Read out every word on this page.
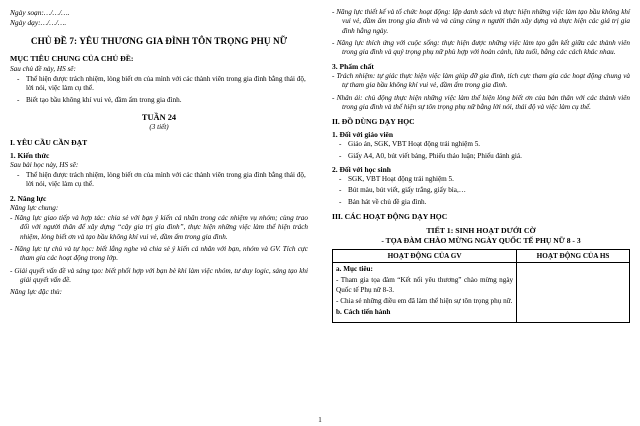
Ngày soạn:…/…/….

Ngày dạy:…/…/….

CHỦ ĐỀ 7: YÊU THƯƠNG GIA ĐÌNH TÔN TRỌNG PHỤ NỮ

MỤC TIÊU CHUNG CỦA CHỦ ĐỀ:

Sau chủ đề này, HS sẽ:

- Thể hiện được trách nhiệm, lòng biết ơn của mình với các thành viên trong gia đình bằng thái độ, lời nói, việc làm cụ thể.
- Biết tạo bầu không khí vui vẻ, đầm ấm trong gia đình.

TUẦN 24

(3 tiết)

I. YÊU CẦU CẦN ĐẠT

1. Kiến thức

Sau bài học này, HS sẽ:

- Thể hiện được trách nhiệm, lòng biết ơn của mình với các thành viên trong gia đình bằng thái độ, lời nói, việc làm cụ thể.

2. Năng lực

Năng lực chung:

- Năng lực giao tiếp và hợp tác: chia sẻ với bạn ý kiến cá nhân trong các nhiệm vụ nhóm; cùng trao đổi với người thân để xây dựng “cây gia trị gia đình”, thực hiện những việc làm thể hiện trách nhiệm, lòng biết ơn và tạo bầu không khí vui vẻ, đầm ấm trong gia đình.

- Năng lực tự chủ và tự học: biết lắng nghe và chia sẻ ý kiến cá nhân với bạn, nhóm và GV. Tích cực tham gia các hoạt động trong lớp.

- Giải quyết vấn đề và sáng tạo: biết phối hợp với bạn bè khi làm việc nhóm, tư duy logic, sáng tạo khi giải quyết vấn đề.

Năng lực đặc thù:

- Năng lực thiết kế và tổ chức hoạt động: lập danh sách và thực hiện những việc làm tạo bầu không khí vui vẻ, đầm ấm trong gia đình và và cùng cùng n người thân xây dựng và thực hiện các giá trị gia đình hằng ngày.

- Năng lực thích ứng với cuộc sống: thực hiện được những việc làm tạo gắn kết giữa các thành viên trong gia đình và quý trọng phụ nữ phù hợp với hoàn cảnh, lứa tuổi, bằng các cách khác nhau.

3. Phẩm chất

- Trách nhiệm: tự giác thực hiện việc làm giúp đỡ gia đình, tích cực tham gia các hoạt động chung và tự tham gia bầu không khí vui vẻ, đầm ấm trong gia đình.

- Nhân ái: chủ động thực hiện những việc làm thể hiện lòng biết ơn của bản thân với các thành viên trong gia đình và thể hiện sự tôn trọng phụ nữ bằng lời nói, thái độ và việc làm cụ thể.

II. ĐỒ DÙNG DẠY HỌC

1. Đối với giáo viên

- Giáo án, SGK, VBT Hoạt động trải nghiệm 5.
- Giấy A4, A0, bút viết bảng, Phiếu thảo luận; Phiếu đánh giá.

2. Đối với học sinh

- SGK, VBT Hoạt động trải nghiệm 5.
- Bút màu, bút viết, giấy trắng, giấy bìa,…
- Bản hát về chủ đề gia đình.

III. CÁC HOẠT ĐỘNG DẠY HỌC

TIẾT 1: SINH HOẠT DƯỚI CỜ

- TỌA ĐÀM CHÀO MỪNG NGÀY QUỐC TẾ PHỤ NỮ 8 - 3

HOẠT ĐỘNG CỦA GV	HOẠT ĐỘNG CỦA HS

a. Mục tiêu:

- Tham gia tọa đàm “Kết nối yêu thương” chào mừng ngày Quốc tế Phụ nữ 8-3.

- Chia sẻ những điều em đã làm thể hiện sự tôn trọng phụ nữ.

b. Cách tiến hành	

1
